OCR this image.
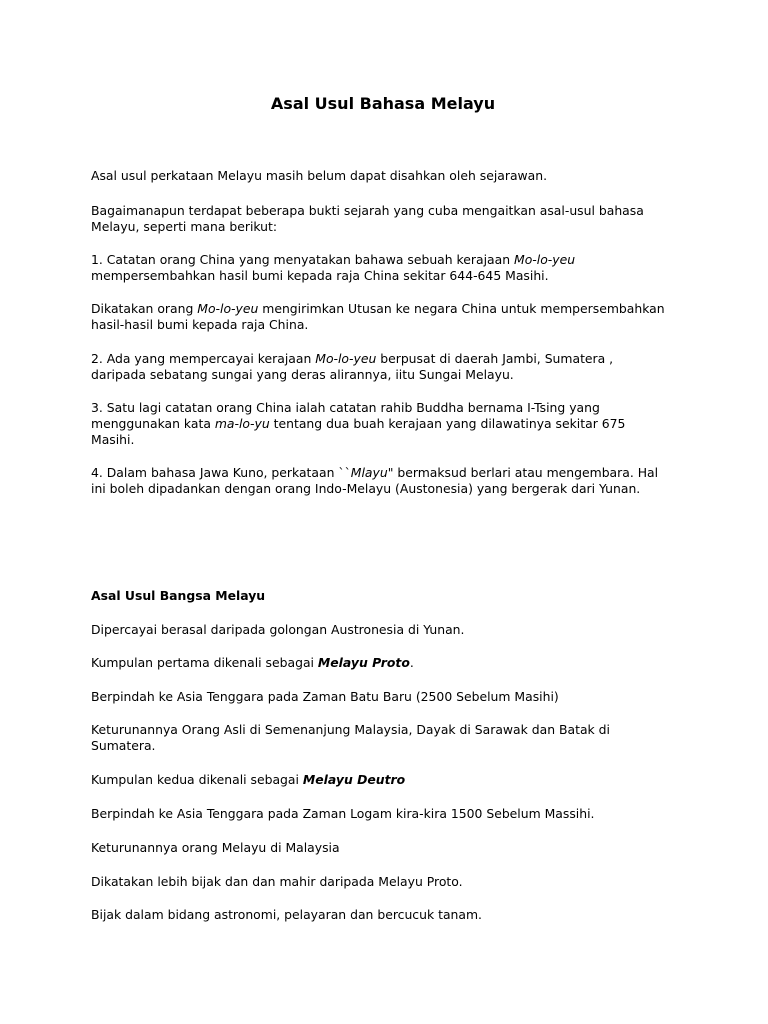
Asal Usul Bahasa Melayu

Asal usul perkataan Melayu masih belum dapat disahkan oleh sejarawan.

Bagaimanapun terdapat beberapa bukti sejarah yang cuba mengaitkan asal-usul bahasa
Melayu, seperti mana berikut:

1. Catatan orang China yang menyatakan bahawa sebuah kerajaan Mo-lo-yeu
mempersembahkan hasil bumi kepada raja China sekitar 644-645 Masihi.

Dikatakan orang Mo-lo-yeu mengirimkan Utusan ke negara China untuk mempersembahkan
hasil-hasil bumi kepada raja China.

2. Ada yang mempercayai kerajaan Mo-lo-yeu berpusat di daerah Jambi, Sumatera ,
daripada sebatang sungai yang deras alirannya, iitu Sungai Melayu.

3. Satu lagi catatan orang China ialah catatan rahib Buddha bernama I-Tsing yang
menggunakan kata ma-lo-yu tentang dua buah kerajaan yang dilawatinya sekitar 675
Masihi.

4. Dalam bahasa Jawa Kuno, perkataan ``Mlayu" bermaksud berlari atau mengembara. Hal
ini boleh dipadankan dengan orang Indo-Melayu (Austonesia) yang bergerak dari Yunan.

Asal Usul Bangsa Melayu

Dipercayai berasal daripada golongan Austronesia di Yunan.

Kumpulan pertama dikenali sebagai Melayu Proto.

Berpindah ke Asia Tenggara pada Zaman Batu Baru (2500 Sebelum Masihi)

Keturunannya Orang Asli di Semenanjung Malaysia, Dayak di Sarawak dan Batak di
Sumatera.

Kumpulan kedua dikenali sebagai Melayu Deutro

Berpindah ke Asia Tenggara pada Zaman Logam kira-kira 1500 Sebelum Massihi.

Keturunannya orang Melayu di Malaysia

Dikatakan lebih bijak dan dan mahir daripada Melayu Proto.

Bijak dalam bidang astronomi, pelayaran dan bercucuk tanam.
